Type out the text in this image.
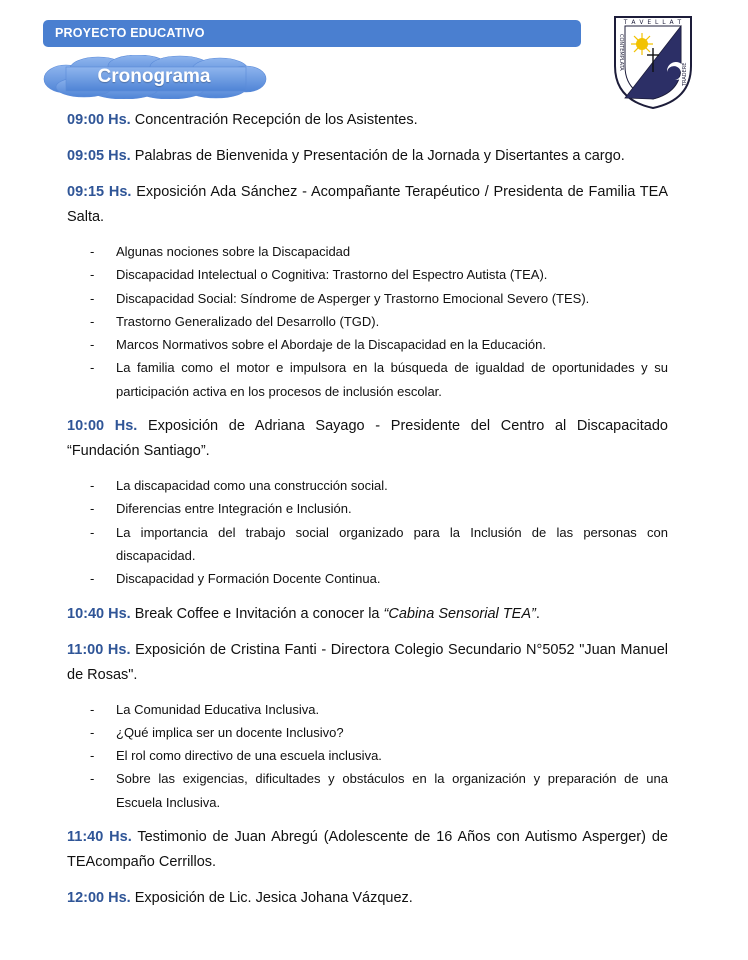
PROYECTO EDUCATIVO
Cronograma
T A V E L L A T
CONTEMPLATA
TRADERE
09:00 Hs. Concentración Recepción de los Asistentes.
09:05 Hs. Palabras de Bienvenida y Presentación de la Jornada y Disertantes a cargo.
09:15 Hs. Exposición Ada Sánchez - Acompañante Terapéutico / Presidenta de Familia TEA Salta.
- Algunas nociones sobre la Discapacidad
- Discapacidad Intelectual o Cognitiva: Trastorno del Espectro Autista (TEA).
- Discapacidad Social: Síndrome de Asperger y Trastorno Emocional Severo (TES).
- Trastorno Generalizado del Desarrollo (TGD).
- Marcos Normativos sobre el Abordaje de la Discapacidad en la Educación.
- La familia como el motor e impulsora en la búsqueda de igualdad de oportunidades y su participación activa en los procesos de inclusión escolar.
10:00 Hs. Exposición de Adriana Sayago - Presidente del Centro al Discapacitado “Fundación Santiago”.
- La discapacidad como una construcción social.
- Diferencias entre Integración e Inclusión.
- La importancia del trabajo social organizado para la Inclusión de las personas con discapacidad.
- Discapacidad y Formación Docente Continua.
10:40 Hs. Break Coffee e Invitación a conocer la “Cabina Sensorial TEA”.
11:00 Hs. Exposición de Cristina Fanti - Directora Colegio Secundario N°5052 "Juan Manuel de Rosas".
- La Comunidad Educativa Inclusiva.
- ¿Qué implica ser un docente Inclusivo?
- El rol como directivo de una escuela inclusiva.
- Sobre las exigencias, dificultades y obstáculos en la organización y preparación de una Escuela Inclusiva.
11:40 Hs. Testimonio de Juan Abregú (Adolescente de 16 Años con Autismo Asperger) de TEAcompaño Cerrillos.
12:00 Hs. Exposición de Lic. Jesica Johana Vázquez.
